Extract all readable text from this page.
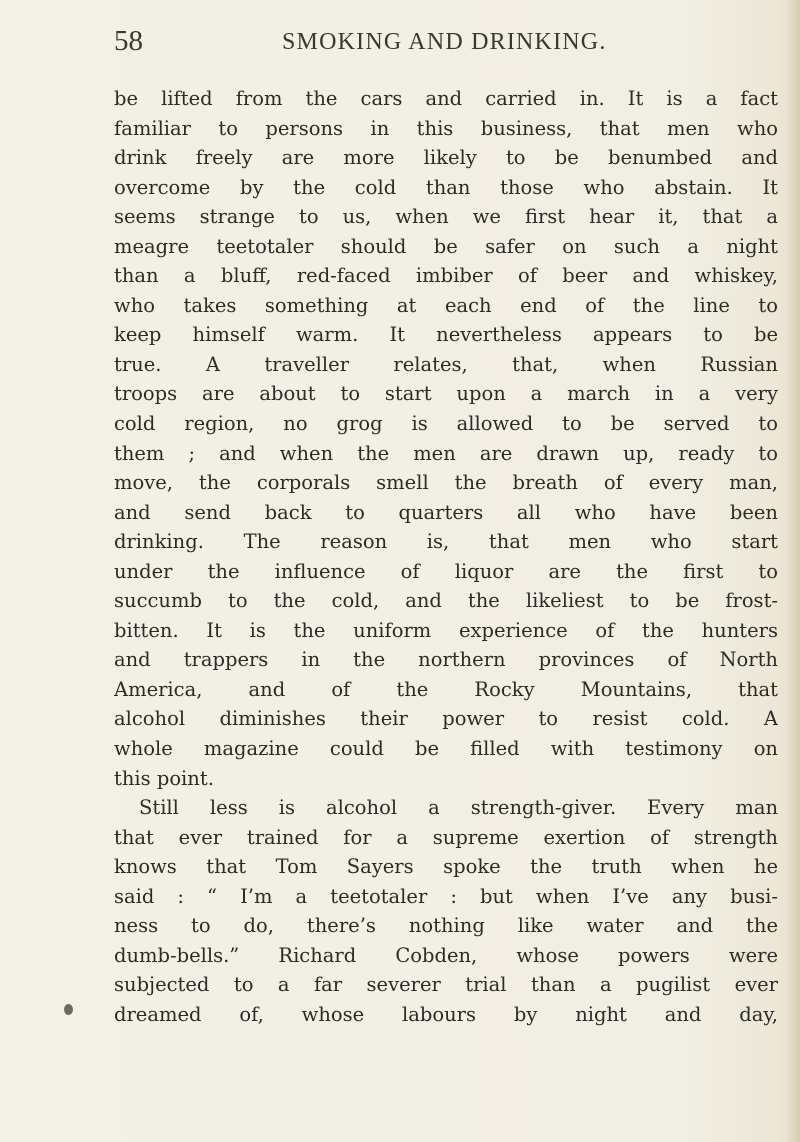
58	SMOKING AND DRINKING.
be lifted from the cars and carried in. It is a fact
familiar to persons in this business, that men who
drink freely are more likely to be benumbed and
overcome by the cold than those who abstain. It
seems strange to us, when we first hear it, that a
meagre teetotaler should be safer on such a night
than a bluff, red-faced imbiber of beer and whiskey,
who takes something at each end of the line to
keep himself warm. It nevertheless appears to be
true. A traveller relates, that, when Russian
troops are about to start upon a march in a very
cold region, no grog is allowed to be served to
them ; and when the men are drawn up, ready to
move, the corporals smell the breath of every man,
and send back to quarters all who have been
drinking. The reason is, that men who start
under the influence of liquor are the first to
succumb to the cold, and the likeliest to be frost-
bitten. It is the uniform experience of the hunters
and trappers in the northern provinces of North
America, and of the Rocky Mountains, that
alcohol diminishes their power to resist cold. A
whole magazine could be filled with testimony on
this point.
Still less is alcohol a strength-giver. Every man
that ever trained for a supreme exertion of strength
knows that Tom Sayers spoke the truth when he
said : “ I’m a teetotaler : but when I’ve any busi-
ness to do, there’s nothing like water and the
dumb-bells.” Richard Cobden, whose powers were
subjected to a far severer trial than a pugilist ever
dreamed of, whose labours by night and day,
